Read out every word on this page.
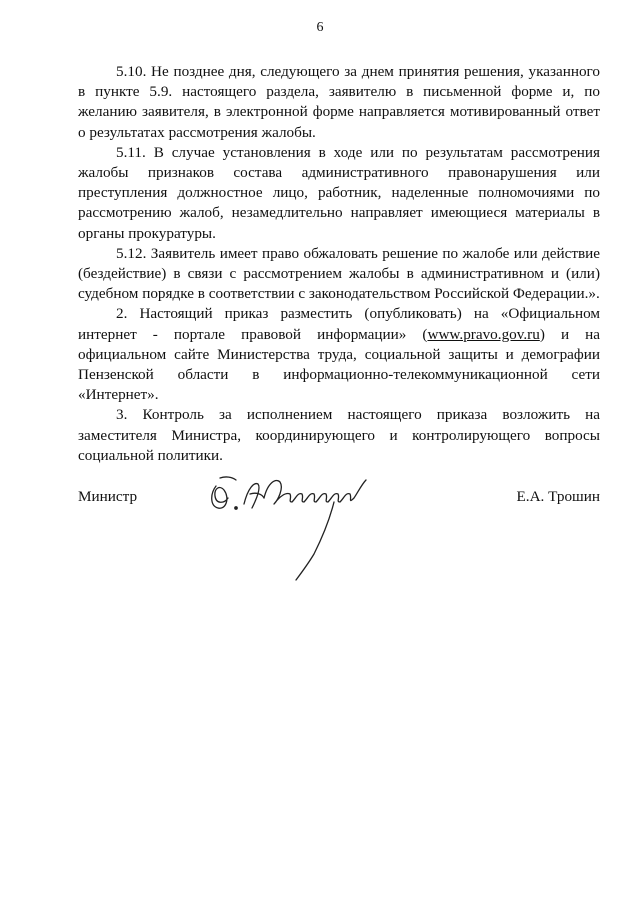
6

5.10. Не позднее дня, следующего за днем принятия решения, указанного в пункте 5.9. настоящего раздела, заявителю в письменной форме и, по желанию заявителя, в электронной форме направляется мотивированный ответ о результатах рассмотрения жалобы.

5.11. В случае установления в ходе или по результатам рассмотрения жалобы признаков состава административного правонарушения или преступления должностное лицо, работник, наделенные полномочиями по рассмотрению жалоб, незамедлительно направляет имеющиеся материалы в органы прокуратуры.

5.12. Заявитель имеет право обжаловать решение по жалобе или действие (бездействие) в связи с рассмотрением жалобы в административном и (или) судебном порядке в соответствии с законодательством Российской Федерации.».

2. Настоящий приказ разместить (опубликовать) на «Официальном интернет - портале правовой информации» (www.pravo.gov.ru) и на официальном сайте Министерства труда, социальной защиты и демографии Пензенской области в информационно-телекоммуникационной сети «Интернет».

3. Контроль за исполнением настоящего приказа возложить на заместителя Министра, координирующего и контролирующего вопросы социальной политики.

Министр	Е.А. Трошин
